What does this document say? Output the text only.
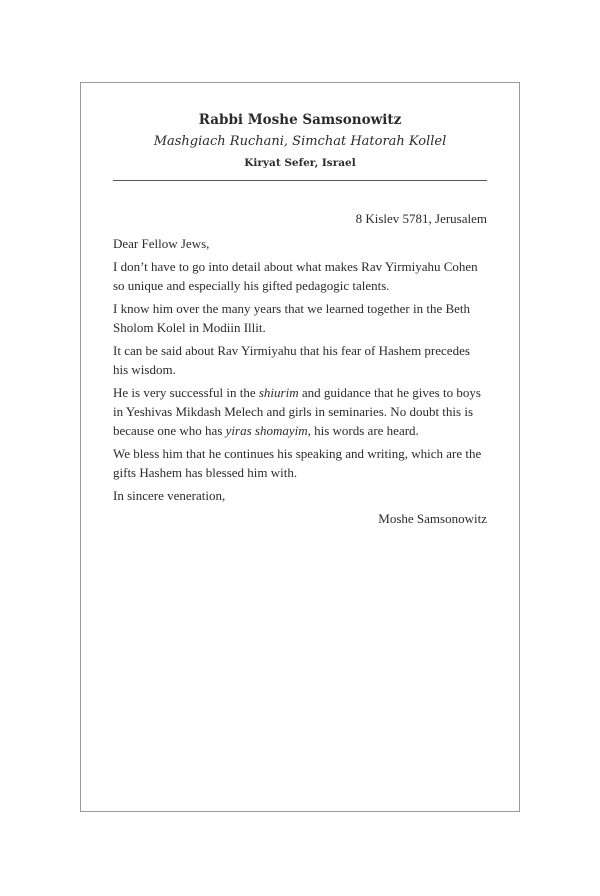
Rabbi Moshe Samsonowitz

Mashgiach Ruchani, Simchat Hatorah Kollel

Kiryat Sefer, Israel

8 Kislev 5781, Jerusalem

Dear Fellow Jews,

I don’t have to go into detail about what makes Rav Yirmiyahu Cohen so unique and especially his gifted pedagogic talents.

I know him over the many years that we learned together in the Beth Sholom Kolel in Modiin Illit.

It can be said about Rav Yirmiyahu that his fear of Hashem precedes his wisdom.

He is very successful in the shiurim and guidance that he gives to boys in Yeshivas Mikdash Melech and girls in seminaries. No doubt this is because one who has yiras shomayim, his words are heard.

We bless him that he continues his speaking and writing, which are the gifts Hashem has blessed him with.

In sincere veneration,

Moshe Samsonowitz
